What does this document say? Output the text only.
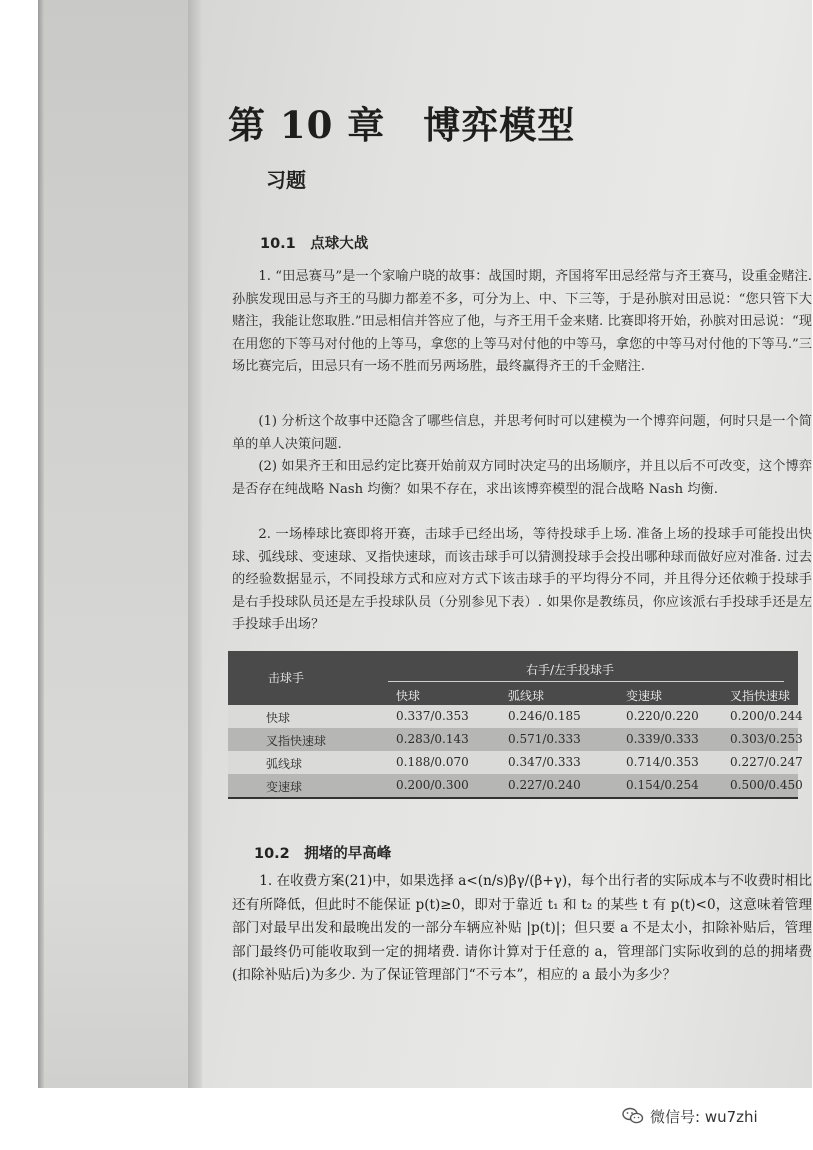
第 10 章　博弈模型
习题
10.1　点球大战
1. “田忌赛马”是一个家喻户晓的故事：战国时期，齐国将军田忌经常与齐王赛马，设重金赌注. 孙膑发现田忌与齐王的马脚力都差不多，可分为上、中、下三等，于是孙膑对田忌说：“您只管下大赌注，我能让您取胜.”田忌相信并答应了他，与齐王用千金来赌. 比赛即将开始，孙膑对田忌说：“现在用您的下等马对付他的上等马，拿您的上等马对付他的中等马，拿您的中等马对付他的下等马.”三场比赛完后，田忌只有一场不胜而另两场胜，最终赢得齐王的千金赌注.
(1) 分析这个故事中还隐含了哪些信息，并思考何时可以建模为一个博弈问题，何时只是一个简单的单人决策问题.
(2) 如果齐王和田忌约定比赛开始前双方同时决定马的出场顺序，并且以后不可改变，这个博弈是否存在纯战略 Nash 均衡？如果不存在，求出该博弈模型的混合战略 Nash 均衡.
2. 一场棒球比赛即将开赛，击球手已经出场，等待投球手上场. 准备上场的投球手可能投出快球、弧线球、变速球、叉指快速球，而该击球手可以猜测投球手会投出哪种球而做好应对准备. 过去的经验数据显示，不同投球方式和应对方式下该击球手的平均得分不同，并且得分还依赖于投球手是右手投球队员还是左手投球队员（分别参见下表）. 如果你是教练员，你应该派右手投球手还是左手投球手出场？
击球手
右手/左手投球手
快球	弧线球	变速球	叉指快速球
快球	0.337/0.353	0.246/0.185	0.220/0.220	0.200/0.244
叉指快速球	0.283/0.143	0.571/0.333	0.339/0.333	0.303/0.253
弧线球	0.188/0.070	0.347/0.333	0.714/0.353	0.227/0.247
变速球	0.200/0.300	0.227/0.240	0.154/0.254	0.500/0.450
10.2　拥堵的早高峰
1. 在收费方案(21)中，如果选择 a<(n/s)βγ/(β+γ)，每个出行者的实际成本与不收费时相比还有所降低，但此时不能保证 p(t)≥0，即对于靠近 t₁ 和 t₂ 的某些 t 有 p(t)<0，这意味着管理部门对最早出发和最晚出发的一部分车辆应补贴 |p(t)|；但只要 a 不是太小，扣除补贴后，管理部门最终仍可能收取到一定的拥堵费. 请你计算对于任意的 a，管理部门实际收到的总的拥堵费(扣除补贴后)为多少. 为了保证管理部门“不亏本”，相应的 a 最小为多少？
微信号: wu7zhi
